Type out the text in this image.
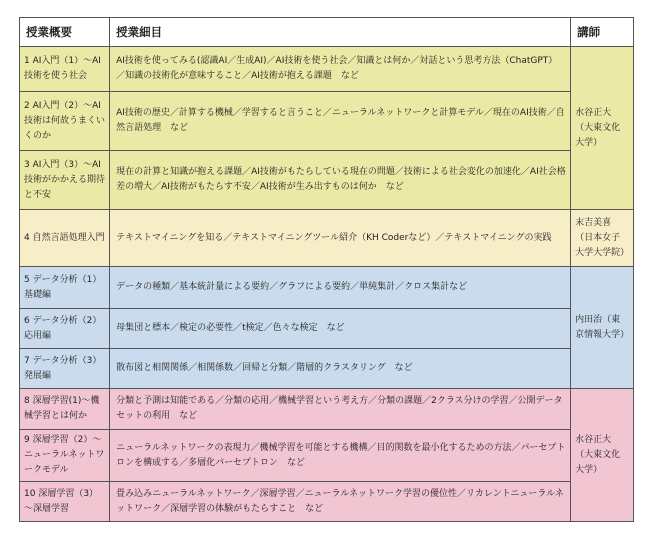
授業概要	授業細目	講師
1 AI入門（1）～AI技術を使う社会	AI技術を使ってみる(認識AI／生成AI)／AI技術を使う社会／知識とは何か／対話という思考方法（ChatGPT）／知識の技術化が意味すること／AI技術が抱える課題　など	水谷正大（大東文化大学）
2 AI入門（2）～AI技術は何故うまくいくのか	AI技術の歴史／計算する機械／学習すると言うこと／ニューラルネットワークと計算モデル／現在のAI技術／自然言語処理　など	
3 AI入門（3）～AI技術がかかえる期待と不安	現在の計算と知識が抱える課題／AI技術がもたらしている現在の問題／技術による社会変化の加速化／AI社会格差の増大／AI技術がもたらす不安／AI技術が生み出すものは何か　など	
4 自然言語処理入門	テキストマイニングを知る／テキストマイニングツール紹介（KH Coderなど）／テキストマイニングの実践	末吉美喜（日本女子大学大学院）
5 データ分析（1）基礎編	データの種類／基本統計量による要約／グラフによる要約／単純集計／クロス集計など	内田治（東京情報大学）
6 データ分析（2）応用編	母集団と標本／検定の必要性／t検定／色々な検定　など	
7 データ分析（3）発展編	散布図と相関関係／相関係数／回帰と分類／階層的クラスタリング　など	
8 深層学習(1)～機械学習とは何か	分類と予測は知能である／分類の応用／機械学習という考え方／分類の課題／2クラス分けの学習／公開データセットの利用　など	水谷正大（大東文化大学）
9 深層学習（2）～ニューラルネットワークモデル	ニューラルネットワークの表現力／機械学習を可能とする機構／目的関数を最小化するための方法／パーセプトロンを構成する／多層化パーセプトロン　など	
10 深層学習（3）～深層学習	畳み込みニューラルネットワーク／深層学習／ニューラルネットワーク学習の優位性／リカレントニューラルネットワーク／深層学習の体験がもたらすこと　など	
